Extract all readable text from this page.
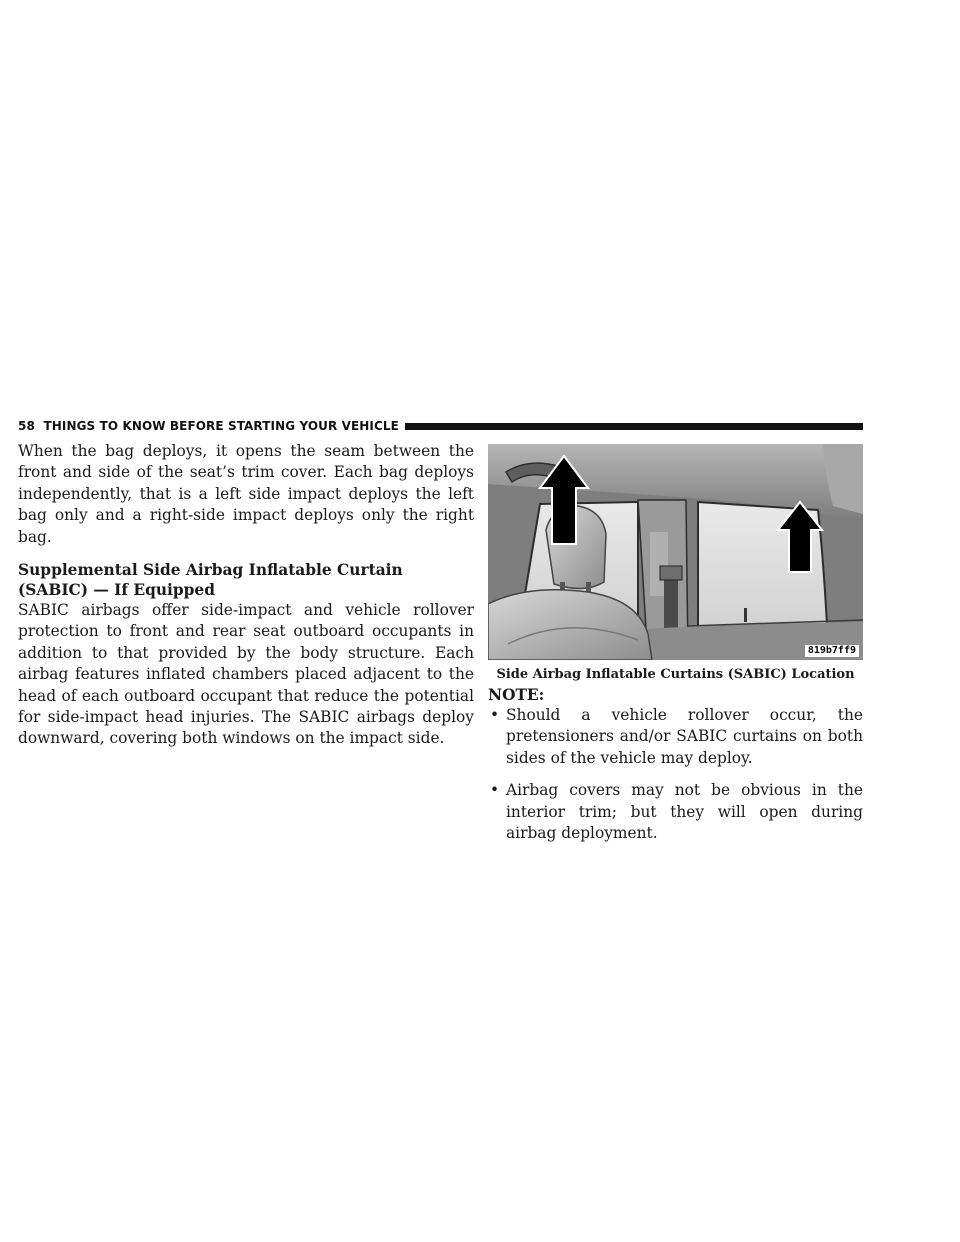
58 THINGS TO KNOW BEFORE STARTING YOUR VEHICLE

When the bag deploys, it opens the seam between the front and side of the seat’s trim cover. Each bag deploys independently, that is a left side impact deploys the left bag only and a right-side impact deploys only the right bag.

Supplemental Side Airbag Inflatable Curtain
(SABIC) — If Equipped

SABIC airbags offer side-impact and vehicle rollover protection to front and rear seat outboard occupants in addition to that provided by the body structure. Each airbag features inflated chambers placed adjacent to the head of each outboard occupant that reduce the potential for side-impact head injuries. The SABIC airbags deploy downward, covering both windows on the impact side.

819b7ff9
Side Airbag Inflatable Curtains (SABIC) Location
NOTE:
• Should a vehicle rollover occur, the pretensioners and/or SABIC curtains on both sides of the vehicle may deploy.
• Airbag covers may not be obvious in the interior trim; but they will open during airbag deployment.
